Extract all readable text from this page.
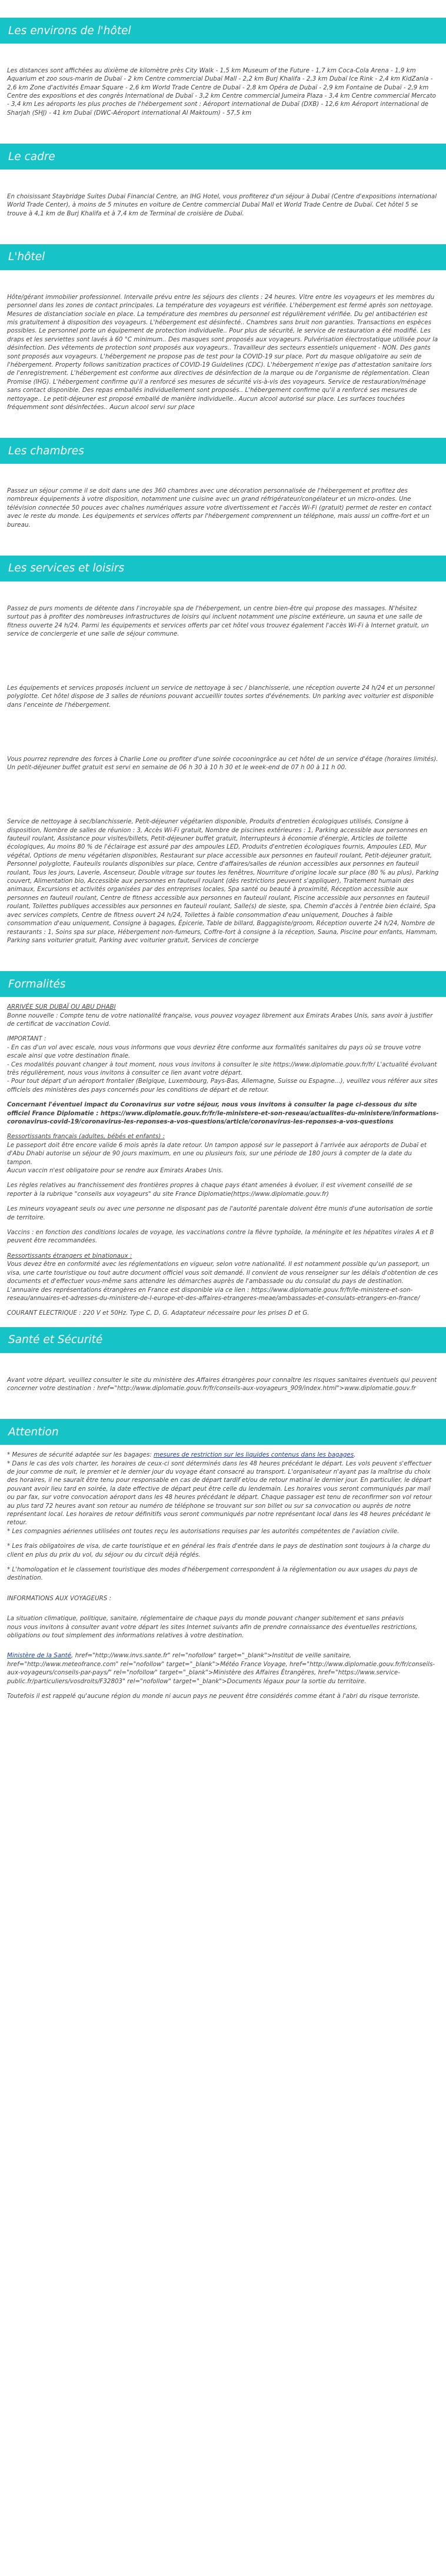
Les environs de l'hôtel

Les distances sont affichées au dixième de kilomètre près City Walk - 1,5 km Museum of the Future - 1,7 km Coca-Cola Arena - 1,9 km Aquarium et zoo sous-marin de Dubaï - 2 km Centre commercial Dubaï Mall - 2,2 km Burj Khalifa - 2,3 km Dubaï Ice Rink - 2,4 km KidZania - 2,6 km Zone d'activités Emaar Square - 2,6 km World Trade Centre de Dubaï - 2,8 km Opéra de Dubaï - 2,9 km Fontaine de Dubaï - 2,9 km Centre des expositions et des congrès International de Dubaï - 3,2 km Centre commercial Jumeira Plaza - 3,4 km Centre commercial Mercato - 3,4 km Les aéroports les plus proches de l'hébergement sont : Aéroport international de Dubaï (DXB) - 12,6 km Aéroport international de Sharjah (SHJ) - 41 km Dubaï (DWC-Aéroport international Al Maktoum) - 57,5 km

Le cadre

En choisissant Staybridge Suites Dubai Financial Centre, an IHG Hotel, vous profiterez d'un séjour à Dubaï (Centre d'expositions international World Trade Center), à moins de 5 minutes en voiture de Centre commercial Dubaï Mall et World Trade Centre de Dubaï. Cet hôtel 5 se trouve à 4,1 km de Burj Khalifa et à 7,4 km de Terminal de croisière de Dubaï.

L'hôtel

Hôte/gérant immobilier professionnel. Intervalle prévu entre les séjours des clients : 24 heures. Vitre entre les voyageurs et les membres du personnel dans les zones de contact principales. La température des voyageurs est vérifiée. L'hébergement est fermé après son nettoyage. Mesures de distanciation sociale en place. La température des membres du personnel est régulièrement vérifiée. Du gel antibactérien est mis gratuitement à disposition des voyageurs. L'hébergement est désinfecté.. Chambres sans bruit non garanties. Transactions en espèces possibles. Le personnel porte un équipement de protection individuelle.. Pour plus de sécurité, le service de restauration a été modifié. Les draps et les serviettes sont lavés à 60 °C minimum.. Des masques sont proposés aux voyageurs. Pulvérisation électrostatique utilisée pour la désinfection. Des vêtements de protection sont proposés aux voyageurs.. Travailleur des secteurs essentiels uniquement - NON. Des gants sont proposés aux voyageurs. L'hébergement ne propose pas de test pour la COVID-19 sur place. Port du masque obligatoire au sein de l'hébergement. Property follows sanitization practices of COVID-19 Guidelines (CDC). L'hébergement n'exige pas d'attestation sanitaire lors de l'enregistrement. L'hébergement est conforme aux directives de désinfection de la marque ou de l'organisme de réglementation. Clean Promise (IHG). L'hébergement confirme qu'il a renforcé ses mesures de sécurité vis-à-vis des voyageurs. Service de restauration/ménage sans contact disponible. Des repas emballés individuellement sont proposés.. L'hébergement confirme qu'il a renforcé ses mesures de nettoyage.. Le petit-déjeuner est proposé emballé de manière individuelle.. Aucun alcool autorisé sur place. Les surfaces touchées fréquemment sont désinfectées.. Aucun alcool servi sur place

Les chambres

Passez un séjour comme il se doit dans une des 360 chambres avec une décoration personnalisée de l'hébergement et profitez des nombreux équipements à votre disposition, notamment une cuisine avec un grand réfrigérateur/congélateur et un micro-ondes. Une télévision connectée 50 pouces avec chaînes numériques assure votre divertissement et l'accès Wi-Fi (gratuit) permet de rester en contact avec le reste du monde. Les équipements et services offerts par l'hébergement comprennent un téléphone, mais aussi un coffre-fort et un bureau.

Les services et loisirs

Passez de purs moments de détente dans l'incroyable spa de l'hébergement, un centre bien-être qui propose des massages. N'hésitez surtout pas à profiter des nombreuses infrastructures de loisirs qui incluent notamment une piscine extérieure, un sauna et une salle de fitness ouverte 24 h/24. Parmi les équipements et services offerts par cet hôtel vous trouvez également l'accès Wi-Fi à Internet gratuit, un service de conciergerie et une salle de séjour commune.

Les équipements et services proposés incluent un service de nettoyage à sec / blanchisserie, une réception ouverte 24 h/24 et un personnel polyglotte. Cet hôtel dispose de 3 salles de réunions pouvant accueillir toutes sortes d'événements. Un parking avec voiturier est disponible dans l'enceinte de l'hébergement.

Vous pourrez reprendre des forces à Charlie Lone ou profiter d'une soirée cocooningrâce au cet hôtel de un service d'étage (horaires limités). Un petit-déjeuner buffet gratuit est servi en semaine de 06 h 30 à 10 h 30 et le week-end de 07 h 00 à 11 h 00.

Service de nettoyage à sec/blanchisserie, Petit-déjeuner végétarien disponible, Produits d'entretien écologiques utilisés, Consigne à disposition, Nombre de salles de réunion : 3, Accès Wi-Fi gratuit, Nombre de piscines extérieures : 1, Parking accessible aux personnes en fauteuil roulant, Assistance pour visites/billets, Petit-déjeuner buffet gratuit, Interrupteurs à économie d'énergie, Articles de toilette écologiques, Au moins 80 % de l'éclairage est assuré par des ampoules LED, Produits d'entretien écologiques fournis, Ampoules LED, Mur végétal, Options de menu végétarien disponibles, Restaurant sur place accessible aux personnes en fauteuil roulant, Petit-déjeuner gratuit, Personnel polyglotte, Fauteuils roulants disponibles sur place, Centre d'affaires/salles de réunion accessibles aux personnes en fauteuil roulant, Tous les jours, Laverie, Ascenseur, Double vitrage sur toutes les fenêtres, Nourriture d'origine locale sur place (80 % au plus), Parking couvert, Alimentation bio, Accessible aux personnes en fauteuil roulant (dès restrictions peuvent s'appliquer), Traitement humain des animaux, Excursions et activités organisées par des entreprises locales, Spa santé ou beauté à proximité, Réception accessible aux personnes en fauteuil roulant, Centre de fitness accessible aux personnes en fauteuil roulant, Piscine accessible aux personnes en fauteuil roulant, Toilettes publiques accessibles aux personnes en fauteuil roulant, Salle(s) de sieste, spa, Chemin d'accès à l'entrée bien éclairé, Spa avec services complets, Centre de fitness ouvert 24 h/24, Toilettes à faible consommation d'eau uniquement, Douches à faible consommation d'eau uniquement, Consigne à bagages, Épicerie, Table de billard, Baggagiste/groom, Réception ouverte 24 h/24, Nombre de restaurants : 1, Soins spa sur place, Hébergement non-fumeurs, Coffre-fort à consigne à la réception, Sauna, Piscine pour enfants, Hammam, Parking sans voiturier gratuit, Parking avec voiturier gratuit, Services de concierge

Formalités

ARRIVÉE SUR DUBAÏ OU ABU DHABI

Bonne nouvelle : Compte tenu de votre nationalité française, vous pouvez voyagez librement aux Emirats Arabes Unis, sans avoir à justifier de certificat de vaccination Covid.

IMPORTANT :

- En cas d'un vol avec escale, nous vous informons que vous devriez être conforme aux formalités sanitaires du pays où se trouve votre escale ainsi que votre destination finale.

- Ces modalités pouvant changer à tout moment, nous vous invitons à consulter le site https://www.diplomatie.gouv.fr/fr/ L'actualité évoluant très régulièrement, nous vous invitons à consulter ce lien avant votre départ.

- Pour tout départ d'un aéroport frontalier (Belgique, Luxembourg, Pays-Bas, Allemagne, Suisse ou Espagne...), veuillez vous référer aux sites officiels des ministères des pays concernés pour les conditions de départ et de retour.

Concernant l'éventuel impact du Coronavirus sur votre séjour, nous vous invitons à consulter la page ci-dessous du site officiel France Diplomatie : https://www.diplomatie.gouv.fr/fr/le-ministere-et-son-reseau/actualites-du-ministere/informations-coronavirus-covid-19/coronavirus-les-reponses-a-vos-questions/article/coronavirus-les-reponses-a-vos-questions

Ressortissants français (adultes, bébés et enfants) :

Le passeport doit être encore valide 6 mois après la date retour. Un tampon apposé sur le passeport à l'arrivée aux aéroports de Dubaï et d'Abu Dhabi autorise un séjour de 90 jours maximum, en une ou plusieurs fois, sur une période de 180 jours à compter de la date du tampon.

Aucun vaccin n'est obligatoire pour se rendre aux Emirats Arabes Unis.

Les règles relatives au franchissement des frontières propres à chaque pays étant amenées à évoluer, il est vivement conseillé de se reporter à la rubrique "conseils aux voyageurs" du site France Diplomatie(https://www.diplomatie.gouv.fr)

Les mineurs voyageant seuls ou avec une personne ne disposant pas de l'autorité parentale doivent être munis d'une autorisation de sortie de territoire.

Vaccins : en fonction des conditions locales de voyage, les vaccinations contre la fièvre typhoïde, la méningite et les hépatites virales A et B peuvent être recommandées.

Ressortissants étrangers et binationaux :

Vous devez être en conformité avec les réglementations en vigueur, selon votre nationalité. Il est notamment possible qu'un passeport, un visa, une carte touristique ou tout autre document officiel vous soit demandé. Il convient de vous renseigner sur les délais d'obtention de ces documents et d'effectuer vous-même sans attendre les démarches auprès de l'ambassade ou du consulat du pays de destination.

L'annuaire des représentations étrangères en France est disponible via ce lien : https://www.diplomatie.gouv.fr/fr/le-ministere-et-son-reseau/annuaires-et-adresses-du-ministere-de-l-europe-et-des-affaires-etrangeres-meae/ambassades-et-consulats-etrangers-en-france/

COURANT ELECTRIQUE : 220 V et 50Hz. Type C, D, G. Adaptateur nécessaire pour les prises D et G.

Santé et Sécurité

Avant votre départ, veuillez consulter le site du ministère des Affaires étrangères pour connaître les risques sanitaires éventuels qui peuvent concerner votre destination : href="http://www.diplomatie.gouv.fr/fr/conseils-aux-voyageurs_909/index.html">www.diplomatie.gouv.fr

Attention

* Mesures de sécurité adaptée sur les bagages: mesures de restriction sur les liquides contenus dans les bagages.

* Dans le cas des vols charter, les horaires de ceux-ci sont déterminés dans les 48 heures précédant le départ. Les vols peuvent s'effectuer de jour comme de nuit, le premier et le dernier jour du voyage étant consacré au transport. L'organisateur n'ayant pas la maîtrise du choix des horaires, il ne saurait être tenu pour responsable en cas de départ tardif et/ou de retour matinal le dernier jour. En particulier, le départ pouvant avoir lieu tard en soirée, la date effective de départ peut être celle du lendemain. Les horaires vous seront communiqués par mail ou par fax, sur votre convocation aéroport dans les 48 heures précédant le départ. Chaque passager est tenu de reconfirmer son vol retour au plus tard 72 heures avant son retour au numéro de téléphone se trouvant sur son billet ou sur sa convocation ou auprès de notre représentant local. Les horaires de retour définitifs vous seront communiqués par notre représentant local dans les 48 heures précédant le retour.

* Les compagnies aériennes utilisées ont toutes reçu les autorisations requises par les autorités compétentes de l'aviation civile.

* Les frais obligatoires de visa, de carte touristique et en général les frais d'entrée dans le pays de destination sont toujours à la charge du client en plus du prix du vol, du séjour ou du circuit déjà réglés.

* L'homologation et le classement touristique des modes d'hébergement correspondent à la réglementation ou aux usages du pays de destination.

INFORMATIONS AUX VOYAGEURS :

La situation climatique, politique, sanitaire, réglementaire de chaque pays du monde pouvant changer subitement et sans préavis

nous vous invitons à consulter avant votre départ les sites Internet suivants afin de prendre connaissance des éventuelles restrictions, obligations ou tout simplement des informations relatives à votre destination.

Ministère de la Santé, href="http://www.invs.sante.fr" rel="nofollow" target="_blank">Institut de veille sanitaire, href="http://www.meteofrance.com" rel="nofollow" target="_blank">Météo France Voyage, href="http://www.diplomatie.gouv.fr/fr/conseils-aux-voyageurs/conseils-par-pays/" rel="nofollow" target="_blank">Ministère des Affaires Étrangères, href="https://www.service-public.fr/particuliers/vosdroits/F32803" rel="nofollow" target="_blank">Documents légaux pour la sortie du territoire.

Toutefois il est rappelé qu'aucune région du monde ni aucun pays ne peuvent être considérés comme étant à l'abri du risque terroriste.
